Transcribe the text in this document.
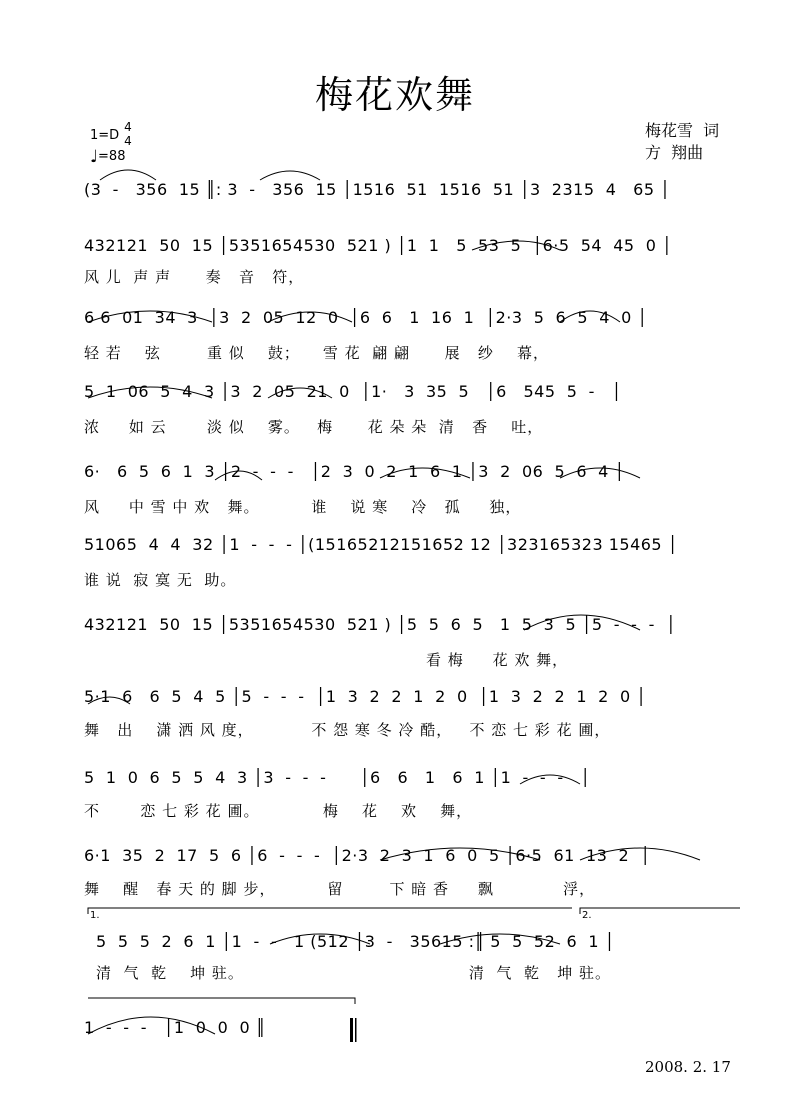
梅花欢舞
1=D
4
4
♩=88
梅花雪  词
方  翔曲
(3  -   356  15 ║: 3  -   356  15 │1516  51  1516  51 │3  2315  4   65 │
432121  50  15 │5351654530  521 ) │1  1   5  53  5  │6·5  54  45  0 │
风 儿  声 声      奏   音   符，
6 6  01  34  3  │3  2  05  12  0  │6  6   1  16  1  │2·3  5  6  5  4  0 │
轻 若    弦        重 似    鼓；    雪 花  翩 翩      展   纱    幕，
5  1  06  5  4  3 │3  2  05  21  0  │1·   3  35  5   │6   545  5  -   │
浓     如 云       淡 似    雾。   梅      花 朵 朵  清   香    吐，
6·   6  5  6  1  3 │2  -  -  -   │2  3  0  2  1  6  1 │3  2  06  5  6  4 │
风     中 雪 中 欢   舞。         谁    说 寒    冷   孤     独，
51065  4  4  32 │1  -  -  - │(15165212151652 12 │323165323 15465 │
谁 说  寂 寞 无  助。
432121  50  15 │5351654530  521 ) │5  5  6  5   1  5  3  5 │5  -  -  -  │
看 梅     花 欢 舞，
5·1  6   6  5  4  5 │5  -  -  -  │1  3  2  2  1  2  0  │1  3  2  2  1  2  0 │
舞   出    潇 洒 风 度，          不 怨 寒 冬 冷 酷，   不 恋 七 彩 花 圃，
5  1  0  6  5  5  4  3 │3  -  -  -      │6   6   1   6  1 │1  -  -  -   │
不       恋 七 彩 花 圃。           梅    花    欢    舞，
6·1  35  2  17  5  6 │6  -  -  -  │2·3  2  3  1  6  0  5 │6·5  61  13  2  │
舞    醒   春 天 的 脚 步，         留        下 暗 香     飘            浮，
1.	2.
5  5  5  2  6  1 │1  -  -   1 (512 │3  -   35615 :║ 5  5  52  6  1 │
清  气  乾    坤 驻。                                       清  气  乾   坤 驻。
1  -  -  -   │1  0  0  0 ║
2008. 2. 17
